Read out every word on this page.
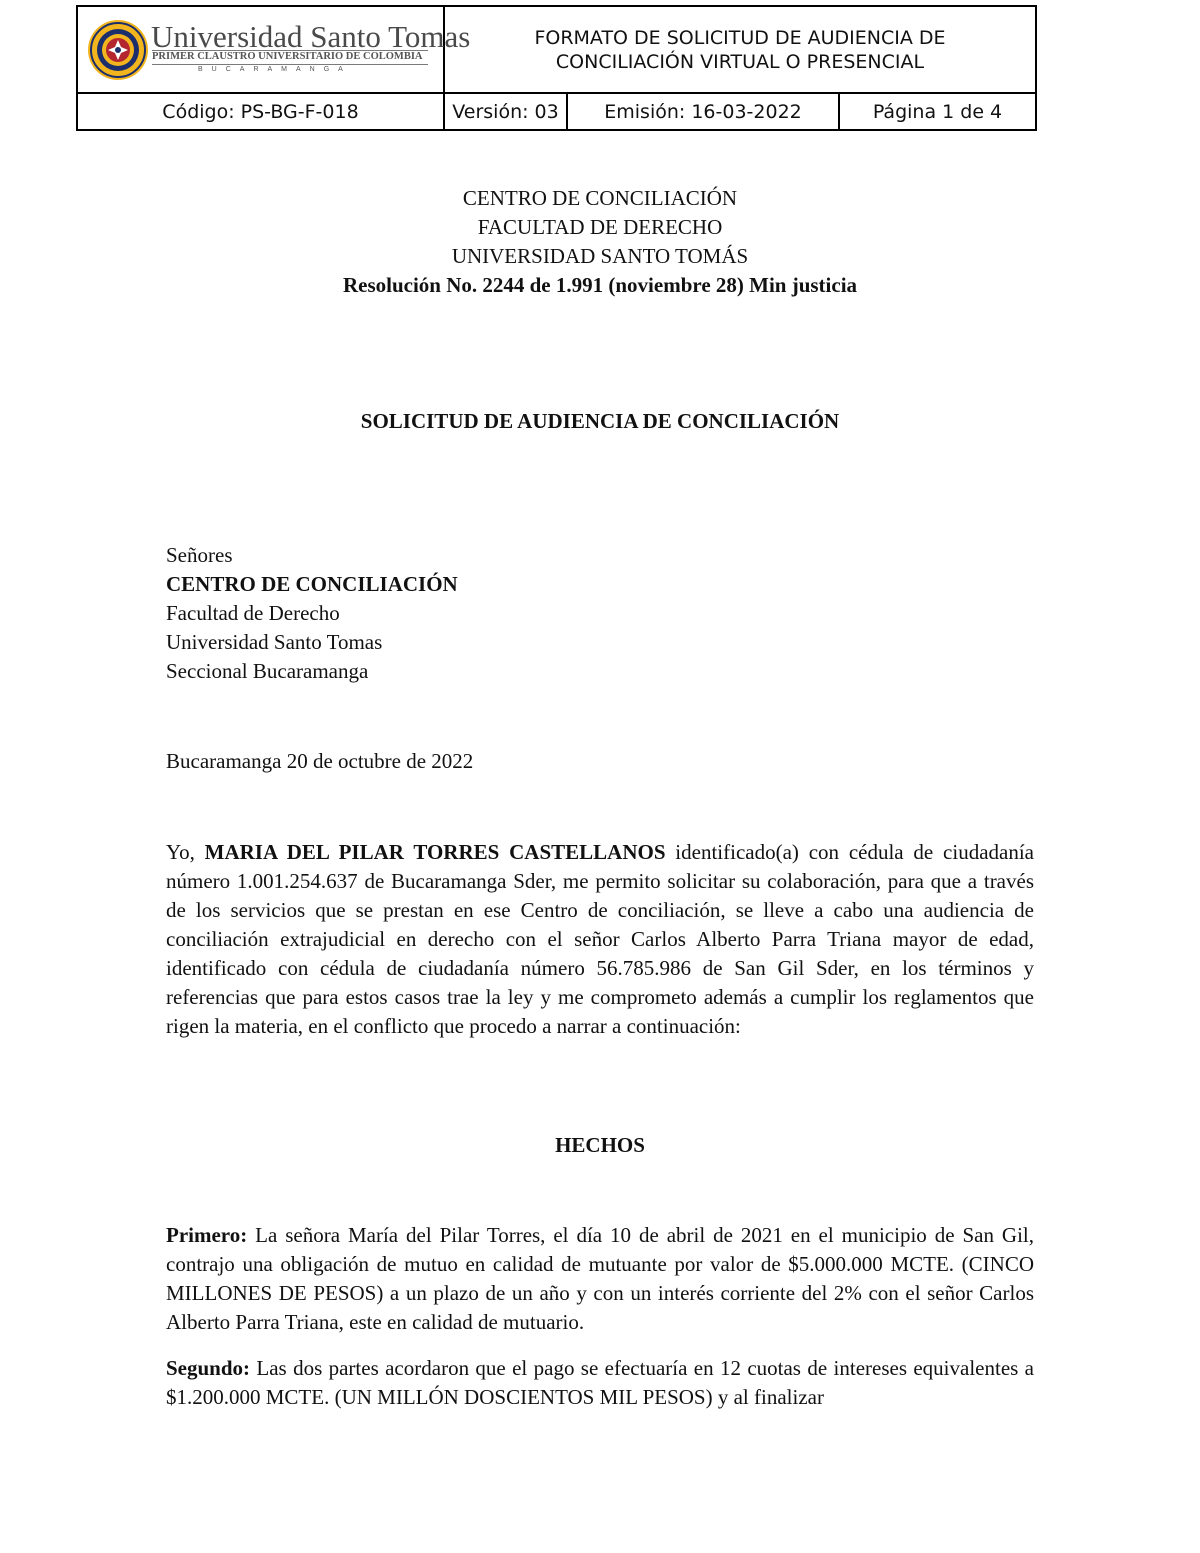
Universidad Santo Tomas
PRIMER CLAUSTRO UNIVERSITARIO DE COLOMBIA
BUCARAMANGA
FORMATO DE SOLICITUD DE AUDIENCIA DE
CONCILIACIÓN VIRTUAL O PRESENCIAL
Código: PS-BG-F-018	Versión: 03	Emisión: 16-03-2022	Página 1 de 4
CENTRO DE CONCILIACIÓN
FACULTAD DE DERECHO
UNIVERSIDAD SANTO TOMÁS
Resolución No. 2244 de 1.991 (noviembre 28) Min justicia
SOLICITUD DE AUDIENCIA DE CONCILIACIÓN
Señores
CENTRO DE CONCILIACIÓN
Facultad de Derecho
Universidad Santo Tomas
Seccional Bucaramanga
Bucaramanga 20 de octubre de 2022
Yo, MARIA DEL PILAR TORRES CASTELLANOS identificado(a) con cédula de ciudadanía número 1.001.254.637 de Bucaramanga Sder, me permito solicitar su colaboración, para que a través de los servicios que se prestan en ese Centro de conciliación, se lleve a cabo una audiencia de conciliación extrajudicial en derecho con el señor Carlos Alberto Parra Triana mayor de edad, identificado con cédula de ciudadanía número 56.785.986 de San Gil Sder, en los términos y referencias que para estos casos trae la ley y me comprometo además a cumplir los reglamentos que rigen la materia, en el conflicto que procedo a narrar a continuación:
HECHOS
Primero: La señora María del Pilar Torres, el día 10 de abril de 2021 en el municipio de San Gil, contrajo una obligación de mutuo en calidad de mutuante por valor de $5.000.000 MCTE. (CINCO MILLONES DE PESOS) a un plazo de un año y con un interés corriente del 2% con el señor Carlos Alberto Parra Triana, este en calidad de mutuario.
Segundo: Las dos partes acordaron que el pago se efectuaría en 12 cuotas de intereses equivalentes a $1.200.000 MCTE. (UN MILLÓN DOSCIENTOS MIL PESOS) y al finalizar
